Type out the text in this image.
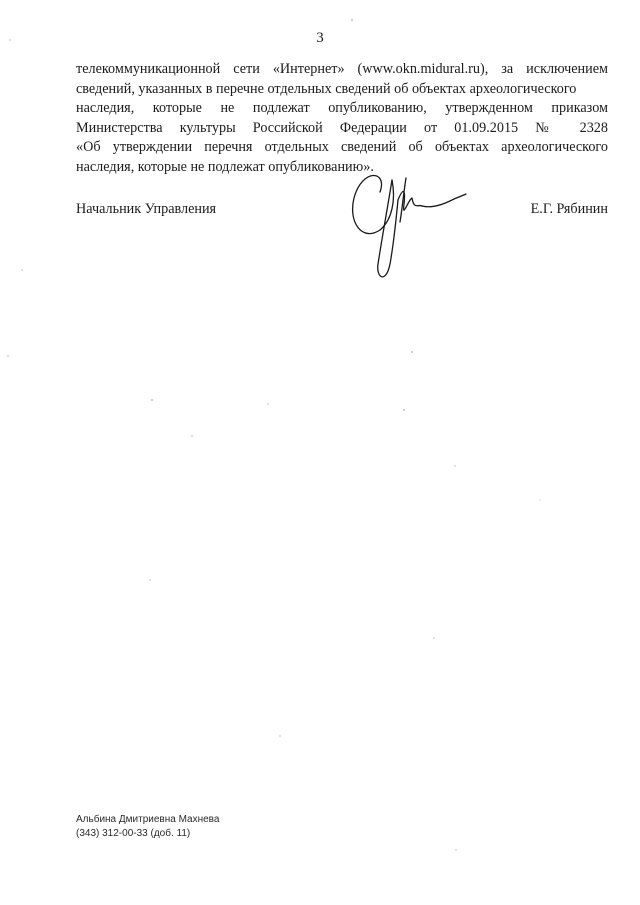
3
телекоммуникационной сети «Интернет» (www.okn.midural.ru), за исключением
сведений, указанных в перечне отдельных сведений об объектах археологического
наследия, которые не подлежат опубликованию, утвержденном приказом
Министерства культуры Российской Федерации от 01.09.2015 № 2328
«Об утверждении перечня отдельных сведений об объектах археологического
наследия, которые не подлежат опубликованию».
Начальник Управления	Е.Г. Рябинин
Альбина Дмитриевна Махнева
(343) 312-00-33 (доб. 11)
